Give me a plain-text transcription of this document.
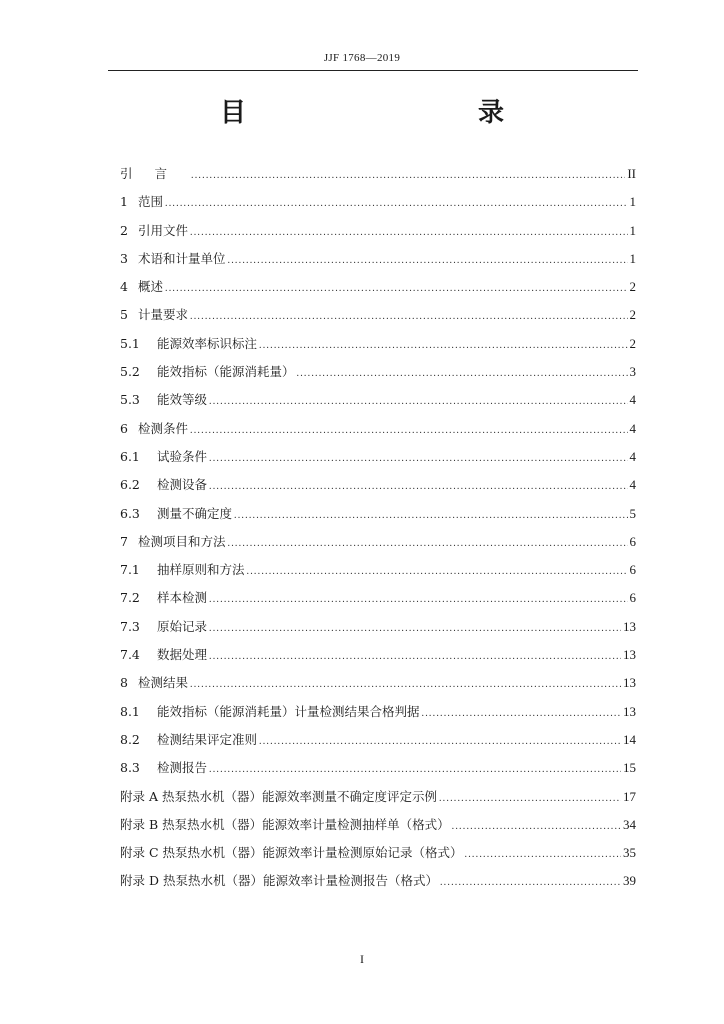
JJF 1768—2019
目　　录
引言 .....	II
1 范围 .....	1
2 引用文件 .....	1
3 术语和计量单位 .....	1
4 概述 .....	2
5 计量要求 .....	2
5.1	能源效率标识标注 .....	2
5.2	能效指标（能源消耗量） .....	3
5.3	能效等级 .....	4
6 检测条件 .....	4
6.1	试验条件 .....	4
6.2	检测设备 .....	4
6.3	测量不确定度 .....	5
7 检测项目和方法 .....	6
7.1	抽样原则和方法 .....	6
7.2	样本检测 .....	6
7.3	原始记录 .....	13
7.4	数据处理 .....	13
8 检测结果 .....	13
8.1	能效指标（能源消耗量）计量检测结果合格判据 .....	13
8.2	检测结果评定准则 .....	14
8.3	检测报告 .....	15
附录 A 热泵热水机（器）能源效率测量不确定度评定示例 .....	17
附录 B 热泵热水机（器）能源效率计量检测抽样单（格式） .....	34
附录 C 热泵热水机（器）能源效率计量检测原始记录（格式） .....	35
附录 D 热泵热水机（器）能源效率计量检测报告（格式） .....	39
I
